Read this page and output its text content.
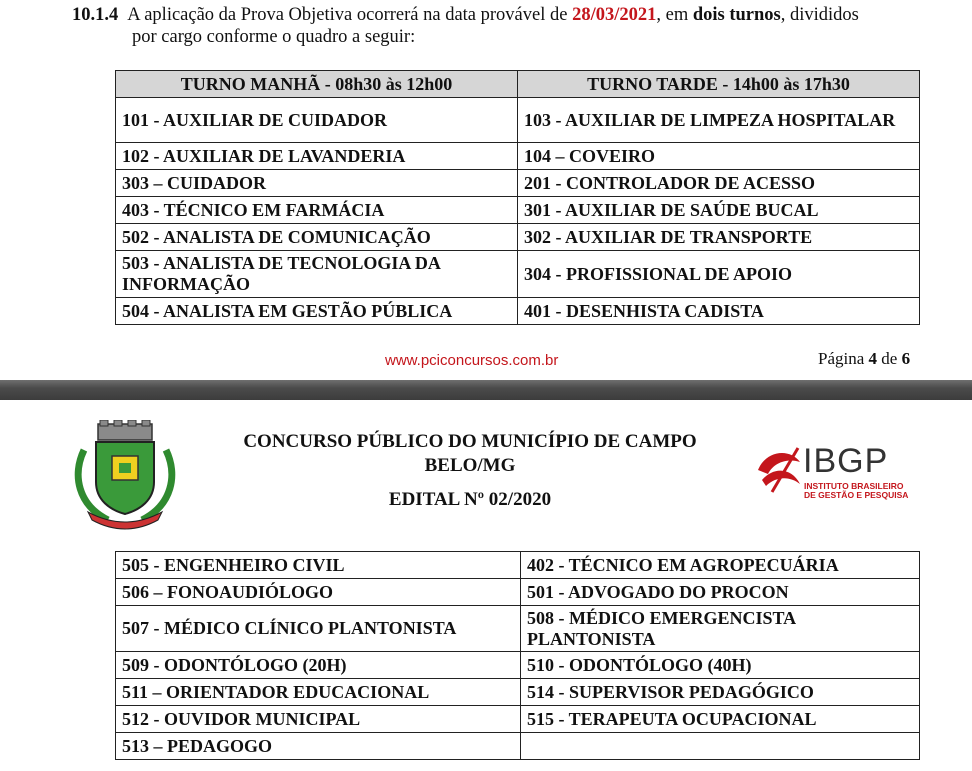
10.1.4 A aplicação da Prova Objetiva ocorrerá na data provável de 28/03/2021, em dois turnos, divididos
por cargo conforme o quadro a seguir:
TURNO MANHÃ - 08h30 às 12h00	TURNO TARDE - 14h00 às 17h30
101 - AUXILIAR DE CUIDADOR	103 - AUXILIAR DE LIMPEZA HOSPITALAR
102 - AUXILIAR DE LAVANDERIA	104 – COVEIRO
303 – CUIDADOR	201 - CONTROLADOR DE ACESSO
403 - TÉCNICO EM FARMÁCIA	301 - AUXILIAR DE SAÚDE BUCAL
502 - ANALISTA DE COMUNICAÇÃO	302 - AUXILIAR DE TRANSPORTE
503 - ANALISTA DE TECNOLOGIA DA INFORMAÇÃO	304 - PROFISSIONAL DE APOIO
504 - ANALISTA EM GESTÃO PÚBLICA	401 - DESENHISTA CADISTA
www.pciconcursos.com.br	Página 4 de 6
CONCURSO PÚBLICO DO MUNICÍPIO DE CAMPO
BELO/MG
EDITAL Nº 02/2020
IBGP
INSTITUTO BRASILEIRO
DE GESTÃO E PESQUISA
505 - ENGENHEIRO CIVIL	402 - TÉCNICO EM AGROPECUÁRIA
506 – FONOAUDIÓLOGO	501 - ADVOGADO DO PROCON
507 - MÉDICO CLÍNICO PLANTONISTA	508 - MÉDICO EMERGENCISTA PLANTONISTA
509 - ODONTÓLOGO (20H)	510 - ODONTÓLOGO (40H)
511 – ORIENTADOR EDUCACIONAL	514 - SUPERVISOR PEDAGÓGICO
512 - OUVIDOR MUNICIPAL	515 - TERAPEUTA OCUPACIONAL
513 – PEDAGOGO	
